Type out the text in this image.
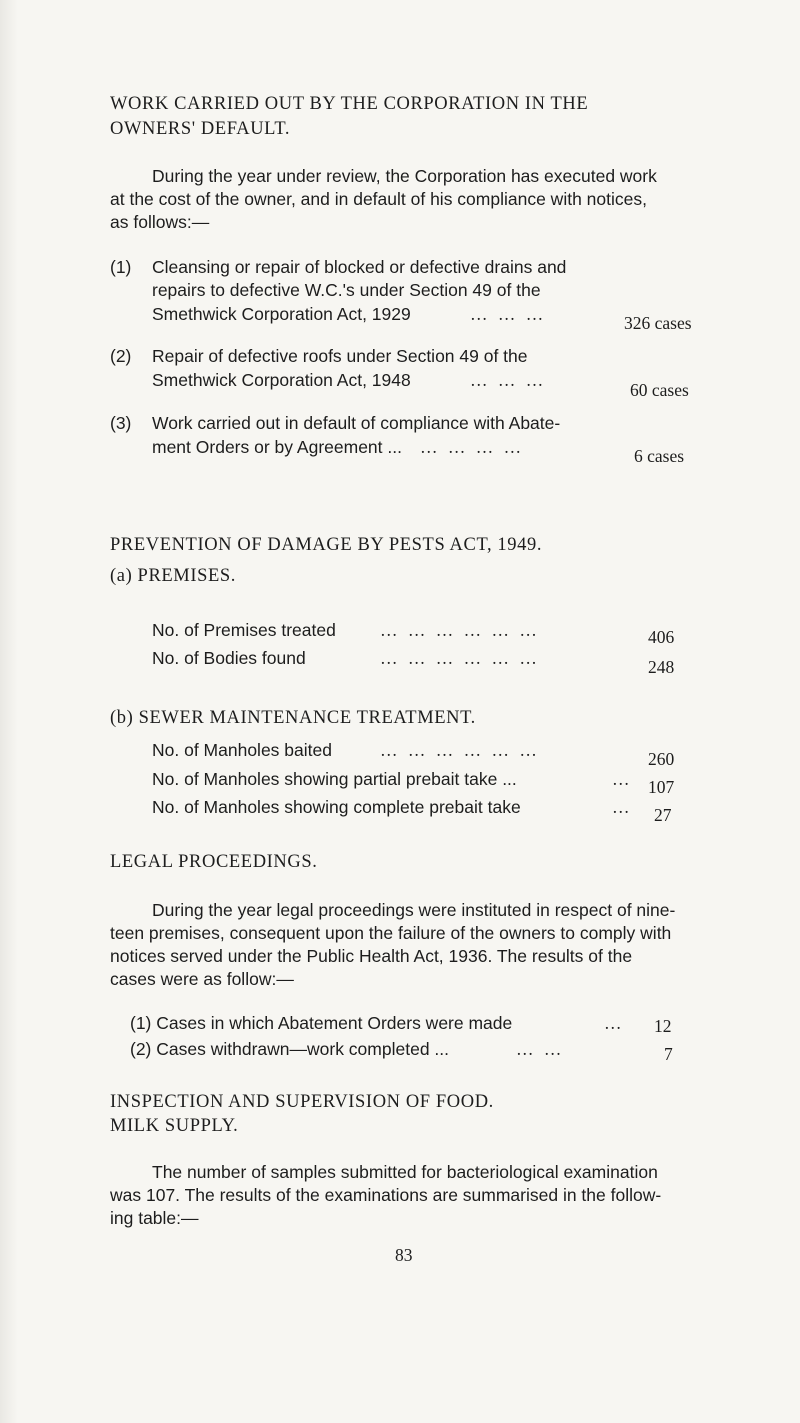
WORK CARRIED OUT BY THE CORPORATION IN THE
OWNERS' DEFAULT.
During the year under review, the Corporation has executed work
at the cost of the owner, and in default of his compliance with notices,
as follows:—
(1) Cleansing or repair of blocked or defective drains and
repairs to defective W.C.'s under Section 49 of the
Smethwick Corporation Act, 1929	… … …	326 cases
(2) Repair of defective roofs under Section 49 of the
Smethwick Corporation Act, 1948	… … …	60 cases
(3) Work carried out in default of compliance with Abate-
ment Orders or by Agreement ... … … … …	6 cases
PREVENTION OF DAMAGE BY PESTS ACT, 1949.
(a) PREMISES.
No. of Premises treated	… … … … … …	406
No. of Bodies found	… … … … … …	248
(b) SEWER MAINTENANCE TREATMENT.
No. of Manholes baited	… … … … … …	260
No. of Manholes showing partial prebait take ...	… 107
No. of Manholes showing complete prebait take	… 27
LEGAL PROCEEDINGS.
During the year legal proceedings were instituted in respect of nine-
teen premises, consequent upon the failure of the owners to comply with
notices served under the Public Health Act, 1936. The results of the
cases were as follow:—
(1) Cases in which Abatement Orders were made	… 12
(2) Cases withdrawn—work completed ...	… …	7
INSPECTION AND SUPERVISION OF FOOD.
MILK SUPPLY.
The number of samples submitted for bacteriological examination
was 107. The results of the examinations are summarised in the follow-
ing table:—
83
